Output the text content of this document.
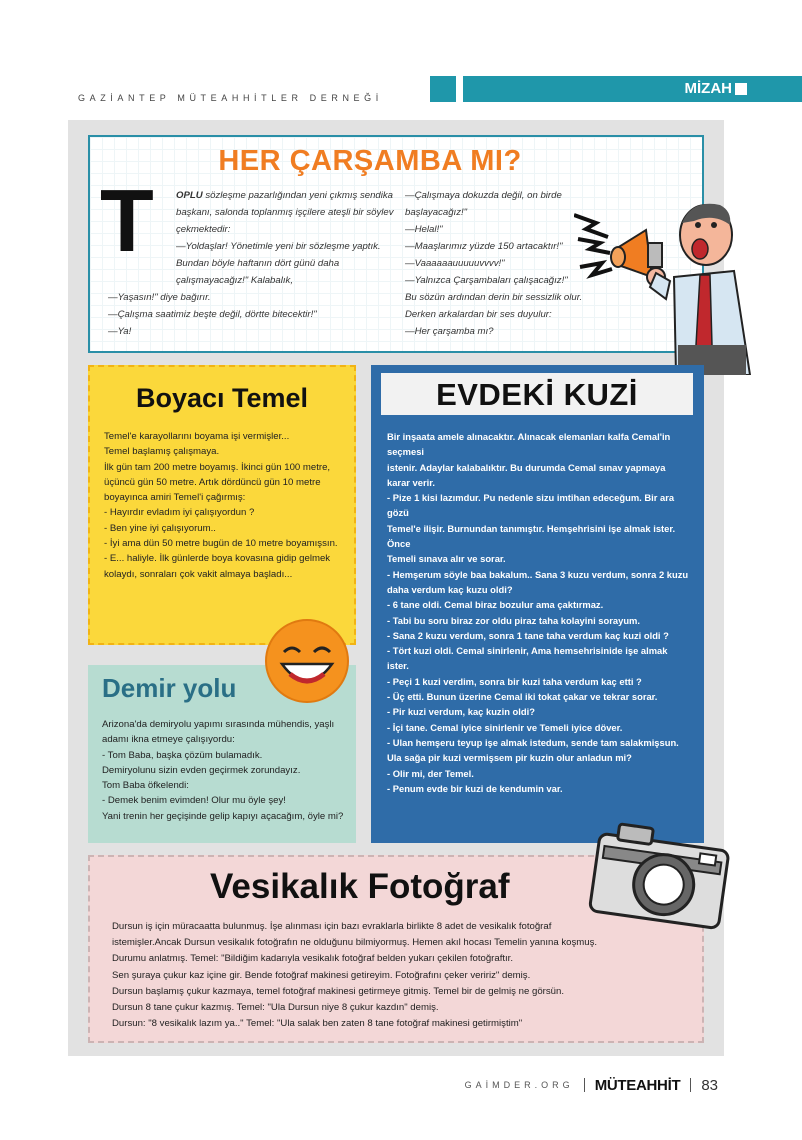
GAZİANTEP MÜTEAHHİTLER DERNEĞİ
MİZAH
HER ÇARŞAMBA MI?
T	OPLU sözleşme pazarlığından yeni çıkmış sendika başkanı, salonda toplanmış işçilere ateşli bir söylev çekmektedir:

—Yoldaşlar! Yönetimle yeni bir sözleşme yaptık. Bundan böyle haftanın dört günü daha çalışmayacağız!" Kalabalık,

—Yaşasın!" diye bağırır.

—Çalışma saatimiz beşte değil, dörtte bitecektir!"

—Ya!

—Çalışmaya dokuzda değil, on birde başlayacağız!"

—Helal!"

—Maaşlarımız yüzde 150 artacaktır!"

—Vaaaaaauuuuuvvvv!"

—Yalnızca Çarşambaları çalışacağız!"

Bu sözün ardından derin bir sessizlik olur.

Derken arkalardan bir ses duyulur:

—Her çarşamba mı?

Boyacı Temel

Temel'e karayollarını boyama işi vermişler...

Temel başlamış çalışmaya.

İlk gün tam 200 metre boyamış. İkinci gün 100 metre, üçüncü gün 50 metre. Artık dördüncü gün 10 metre boyayınca amiri Temel'i çağırmış:

- Hayırdır evladım iyi çalışıyordun ?

- Ben yine iyi çalışıyorum..

- İyi ama dün 50 metre bugün de 10 metre boyamışsın.

- E... haliyle. İlk günlerde boya kovasına gidip gelmek kolaydı, sonraları çok vakit almaya başladı...

Demir yolu

Arizona'da demiryolu yapımı sırasında mühendis, yaşlı adamı ikna etmeye çalışıyordu:

- Tom Baba, başka çözüm bulamadık.

Demiryolunu sizin evden geçirmek zorundayız.

Tom Baba öfkelendi:

- Demek benim evimden! Olur mu öyle şey!

Yani trenin her geçişinde gelip kapıyı açacağım, öyle mi?

EVDEKİ KUZİ

Bir inşaata amele alınacaktır. Alınacak elemanları kalfa Cemal'in seçmesi

istenir. Adaylar kalabalıktır. Bu durumda Cemal sınav yapmaya karar verir.

- Pize 1 kisi lazımdur. Pu nedenle sizu imtihan edeceğum. Bir ara gözü

Temel'e ilişir. Burnundan tanımıştır. Hemşehrisini işe almak ister. Önce

Temeli sınava alır ve sorar.

- Hemşerum söyle baa bakalum.. Sana 3 kuzu verdum, sonra 2 kuzu daha verdum kaç kuzu oldi?

- 6 tane oldi. Cemal biraz bozulur ama çaktırmaz.

- Tabi bu soru biraz zor oldu piraz taha kolayini sorayum.

- Sana 2 kuzu verdum, sonra 1 tane taha verdum kaç kuzi oldi ?

- Tört kuzi oldi. Cemal sinirlenir, Ama hemsehrisinide işe almak ister.

- Peçi 1 kuzi verdim, sonra bir kuzi taha verdum kaç etti ?

- Üç etti. Bunun üzerine Cemal iki tokat çakar ve tekrar sorar.

- Pir kuzi verdum, kaç kuzin oldi?

- İçi tane. Cemal iyice sinirlenir ve Temeli iyice döver.

- Ulan hemşeru teyup işe almak istedum, sende tam salakmişsun. Ula sağa pir kuzi vermişsem pir kuzin olur anladun mi?

- Olir mi, der Temel.

- Penum evde bir kuzi de kendumin var.

Vesikalık Fotoğraf

Dursun iş için müracaatta bulunmuş. İşe alınması için bazı evraklarla birlikte 8 adet de vesikalık fotoğraf

istemişler.Ancak Dursun vesikalık fotoğrafın ne olduğunu bilmiyormuş. Hemen akıl hocası Temelin yanına koşmuş.

Durumu anlatmış. Temel: "Bildiğim kadarıyla vesikalık fotoğraf belden yukarı çekilen fotoğraftır.

Sen şuraya çukur kaz içine gir. Bende fotoğraf makinesi getireyim. Fotoğrafını çeker veririz" demiş.

Dursun başlamış çukur kazmaya, temel fotoğraf makinesi getirmeye gitmiş. Temel bir de gelmiş ne görsün.

Dursun 8 tane çukur kazmış. Temel: "Ula Dursun niye 8 çukur kazdın" demiş.

Dursun: "8 vesikalık lazım ya.." Temel: "Ula salak ben zaten 8 tane fotoğraf makinesi getirmiştim"

GAİMDER.ORG MÜTEAHHİT 83
